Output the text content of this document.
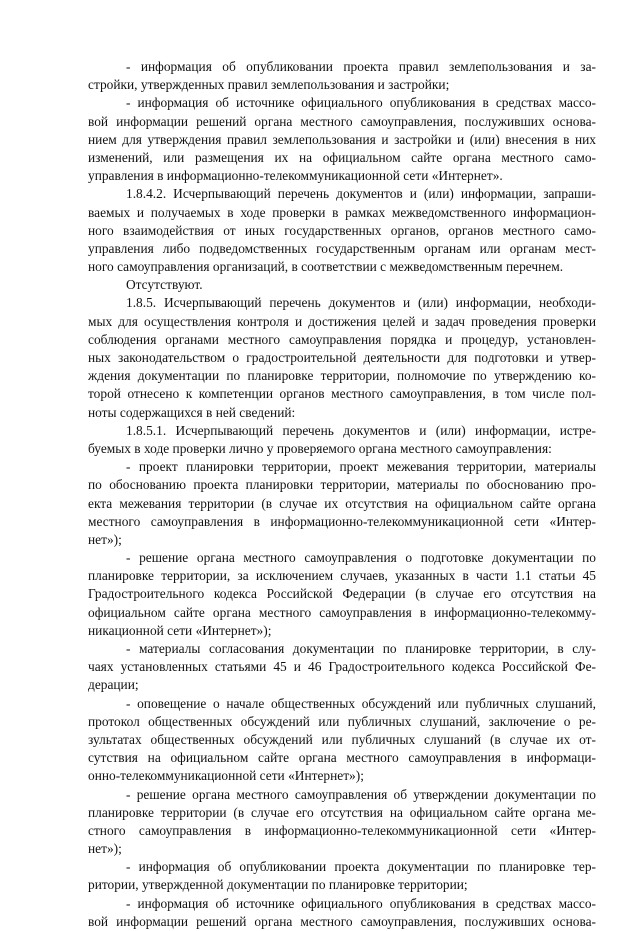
- информация об опубликовании проекта правил землепользования и за-
стройки, утвержденных правил землепользования и застройки;
- информация об источнике официального опубликования в средствах массо-
вой информации решений органа местного самоуправления, послуживших основа-
нием для утверждения правил землепользования и застройки и (или) внесения в них
изменений, или размещения их на официальном сайте органа местного само-
управления в информационно-телекоммуникационной сети «Интернет».
1.8.4.2. Исчерпывающий перечень документов и (или) информации, запраши-
ваемых и получаемых в ходе проверки в рамках межведомственного информацион-
ного взаимодействия от иных государственных органов, органов местного само-
управления либо подведомственных государственным органам или органам мест-
ного самоуправления организаций, в соответствии с межведомственным перечнем.
Отсутствуют.
1.8.5. Исчерпывающий перечень документов и (или) информации, необходи-
мых для осуществления контроля и достижения целей и задач проведения проверки
соблюдения органами местного самоуправления порядка и процедур, установлен-
ных законодательством о градостроительной деятельности для подготовки и утвер-
ждения документации по планировке территории, полномочие по утверждению ко-
торой отнесено к компетенции органов местного самоуправления, в том числе пол-
ноты содержащихся в ней сведений:
1.8.5.1. Исчерпывающий перечень документов и (или) информации, истре-
буемых в ходе проверки лично у проверяемого органа местного самоуправления:
- проект планировки территории, проект межевания территории, материалы
по обоснованию проекта планировки территории, материалы по обоснованию про-
екта межевания территории (в случае их отсутствия на официальном сайте органа
местного самоуправления в информационно-телекоммуникационной сети «Интер-
нет»);
- решение органа местного самоуправления о подготовке документации по
планировке территории, за исключением случаев, указанных в части 1.1 статьи 45
Градостроительного кодекса Российской Федерации (в случае его отсутствия на
официальном сайте органа местного самоуправления в информационно-телекомму-
никационной сети «Интернет»);
- материалы согласования документации по планировке территории, в слу-
чаях установленных статьями 45 и 46 Градостроительного кодекса Российской Фе-
дерации;
- оповещение о начале общественных обсуждений или публичных слушаний,
протокол общественных обсуждений или публичных слушаний, заключение о ре-
зультатах общественных обсуждений или публичных слушаний (в случае их от-
сутствия на официальном сайте органа местного самоуправления в информаци-
онно-телекоммуникационной сети «Интернет»);
- решение органа местного самоуправления об утверждении документации по
планировке территории (в случае его отсутствия на официальном сайте органа ме-
стного самоуправления в информационно-телекоммуникационной сети «Интер-
нет»);
- информация об опубликовании проекта документации по планировке тер-
ритории, утвержденной документации по планировке территории;
- информация об источнике официального опубликования в средствах массо-
вой информации решений органа местного самоуправления, послуживших основа-
